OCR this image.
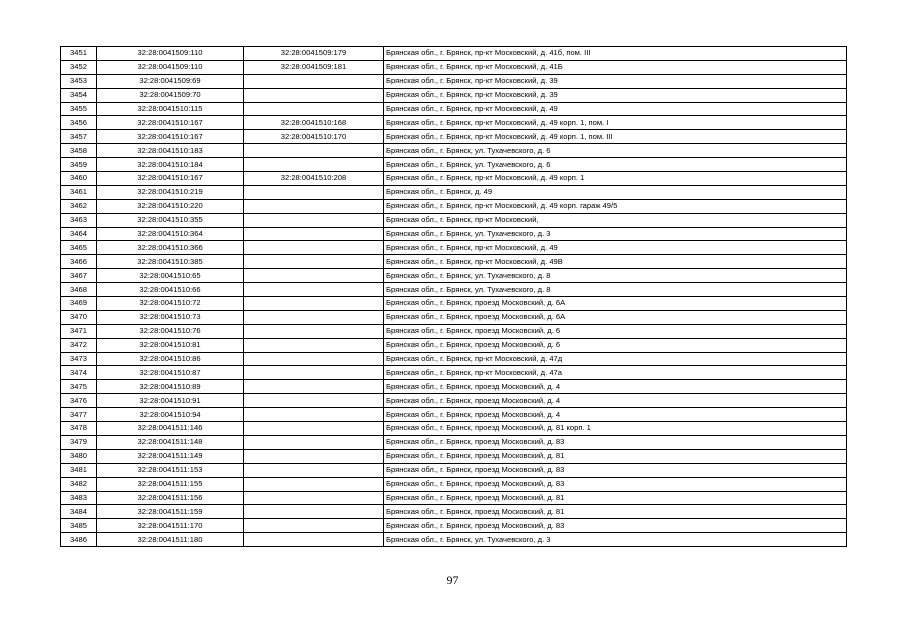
3451	32:28:0041509:110	32:28:0041509:179	Брянская обл., г. Брянск, пр-кт Московский, д. 41б, пом. III
3452	32:28:0041509:110	32:28:0041509:181	Брянская обл., г. Брянск, пр-кт Московский, д. 41Б
3453	32:28:0041509:69		Брянская обл., г. Брянск, пр-кт Московский, д. 39
3454	32:28:0041509:70		Брянская обл., г. Брянск, пр-кт Московский, д. 39
3455	32:28:0041510:115		Брянская обл., г. Брянск, пр-кт Московский, д. 49
3456	32:28:0041510:167	32:28:0041510:168	Брянская обл., г. Брянск, пр-кт Московский, д. 49 корп. 1, пом. I
3457	32:28:0041510:167	32:28:0041510:170	Брянская обл., г. Брянск, пр-кт Московский, д. 49 корп. 1, пом. III
3458	32:28:0041510:183		Брянская обл., г. Брянск, ул. Тухачевского, д. 6
3459	32:28:0041510:184		Брянская обл., г. Брянск, ул. Тухачевского, д. 6
3460	32:28:0041510:167	32:28:0041510:208	Брянская обл., г. Брянск, пр-кт Московский, д. 49 корп. 1
3461	32:28:0041510:219		Брянская обл., г. Брянск, д. 49
3462	32:28:0041510:220		Брянская обл., г. Брянск, пр-кт Московский, д. 49 корп. гараж 49/5
3463	32:28:0041510:355		Брянская обл., г. Брянск, пр-кт Московский,
3464	32:28:0041510:364		Брянская обл., г. Брянск, ул. Тухачевского, д. 3
3465	32:28:0041510:366		Брянская обл., г. Брянск, пр-кт Московский, д. 49
3466	32:28:0041510:385		Брянская обл., г. Брянск, пр-кт Московский, д. 49В
3467	32:28:0041510:65		Брянская обл., г. Брянск, ул. Тухачевского, д. 8
3468	32:28:0041510:66		Брянская обл., г. Брянск, ул. Тухачевского, д. 8
3469	32:28:0041510:72		Брянская обл., г. Брянск, проезд Московский, д. 6А
3470	32:28:0041510:73		Брянская обл., г. Брянск, проезд Московский, д. 6А
3471	32:28:0041510:76		Брянская обл., г. Брянск, проезд Московский, д. 6
3472	32:28:0041510:81		Брянская обл., г. Брянск, проезд Московский, д. 6
3473	32:28:0041510:86		Брянская обл., г. Брянск, пр-кт Московский, д. 47д
3474	32:28:0041510:87		Брянская обл., г. Брянск, пр-кт Московский, д. 47а
3475	32:28:0041510:89		Брянская обл., г. Брянск, проезд Московский, д. 4
3476	32:28:0041510:91		Брянская обл., г. Брянск, проезд Московский, д. 4
3477	32:28:0041510:94		Брянская обл., г. Брянск, проезд Московский, д. 4
3478	32:28:0041511:146		Брянская обл., г. Брянск, проезд Московский, д. 81 корп. 1
3479	32:28:0041511:148		Брянская обл., г. Брянск, проезд Московский, д. 83
3480	32:28:0041511:149		Брянская обл., г. Брянск, проезд Московский, д. 81
3481	32:28:0041511:153		Брянская обл., г. Брянск, проезд Московский, д. 83
3482	32:28:0041511:155		Брянская обл., г. Брянск, проезд Московский, д. 83
3483	32:28:0041511:156		Брянская обл., г. Брянск, проезд Московский, д. 81
3484	32:28:0041511:159		Брянская обл., г. Брянск, проезд Московский, д. 81
3485	32:28:0041511:170		Брянская обл., г. Брянск, проезд Московский, д. 83
3486	32:28:0041511:180		Брянская обл., г. Брянск, ул. Тухачевского, д. 3
97
